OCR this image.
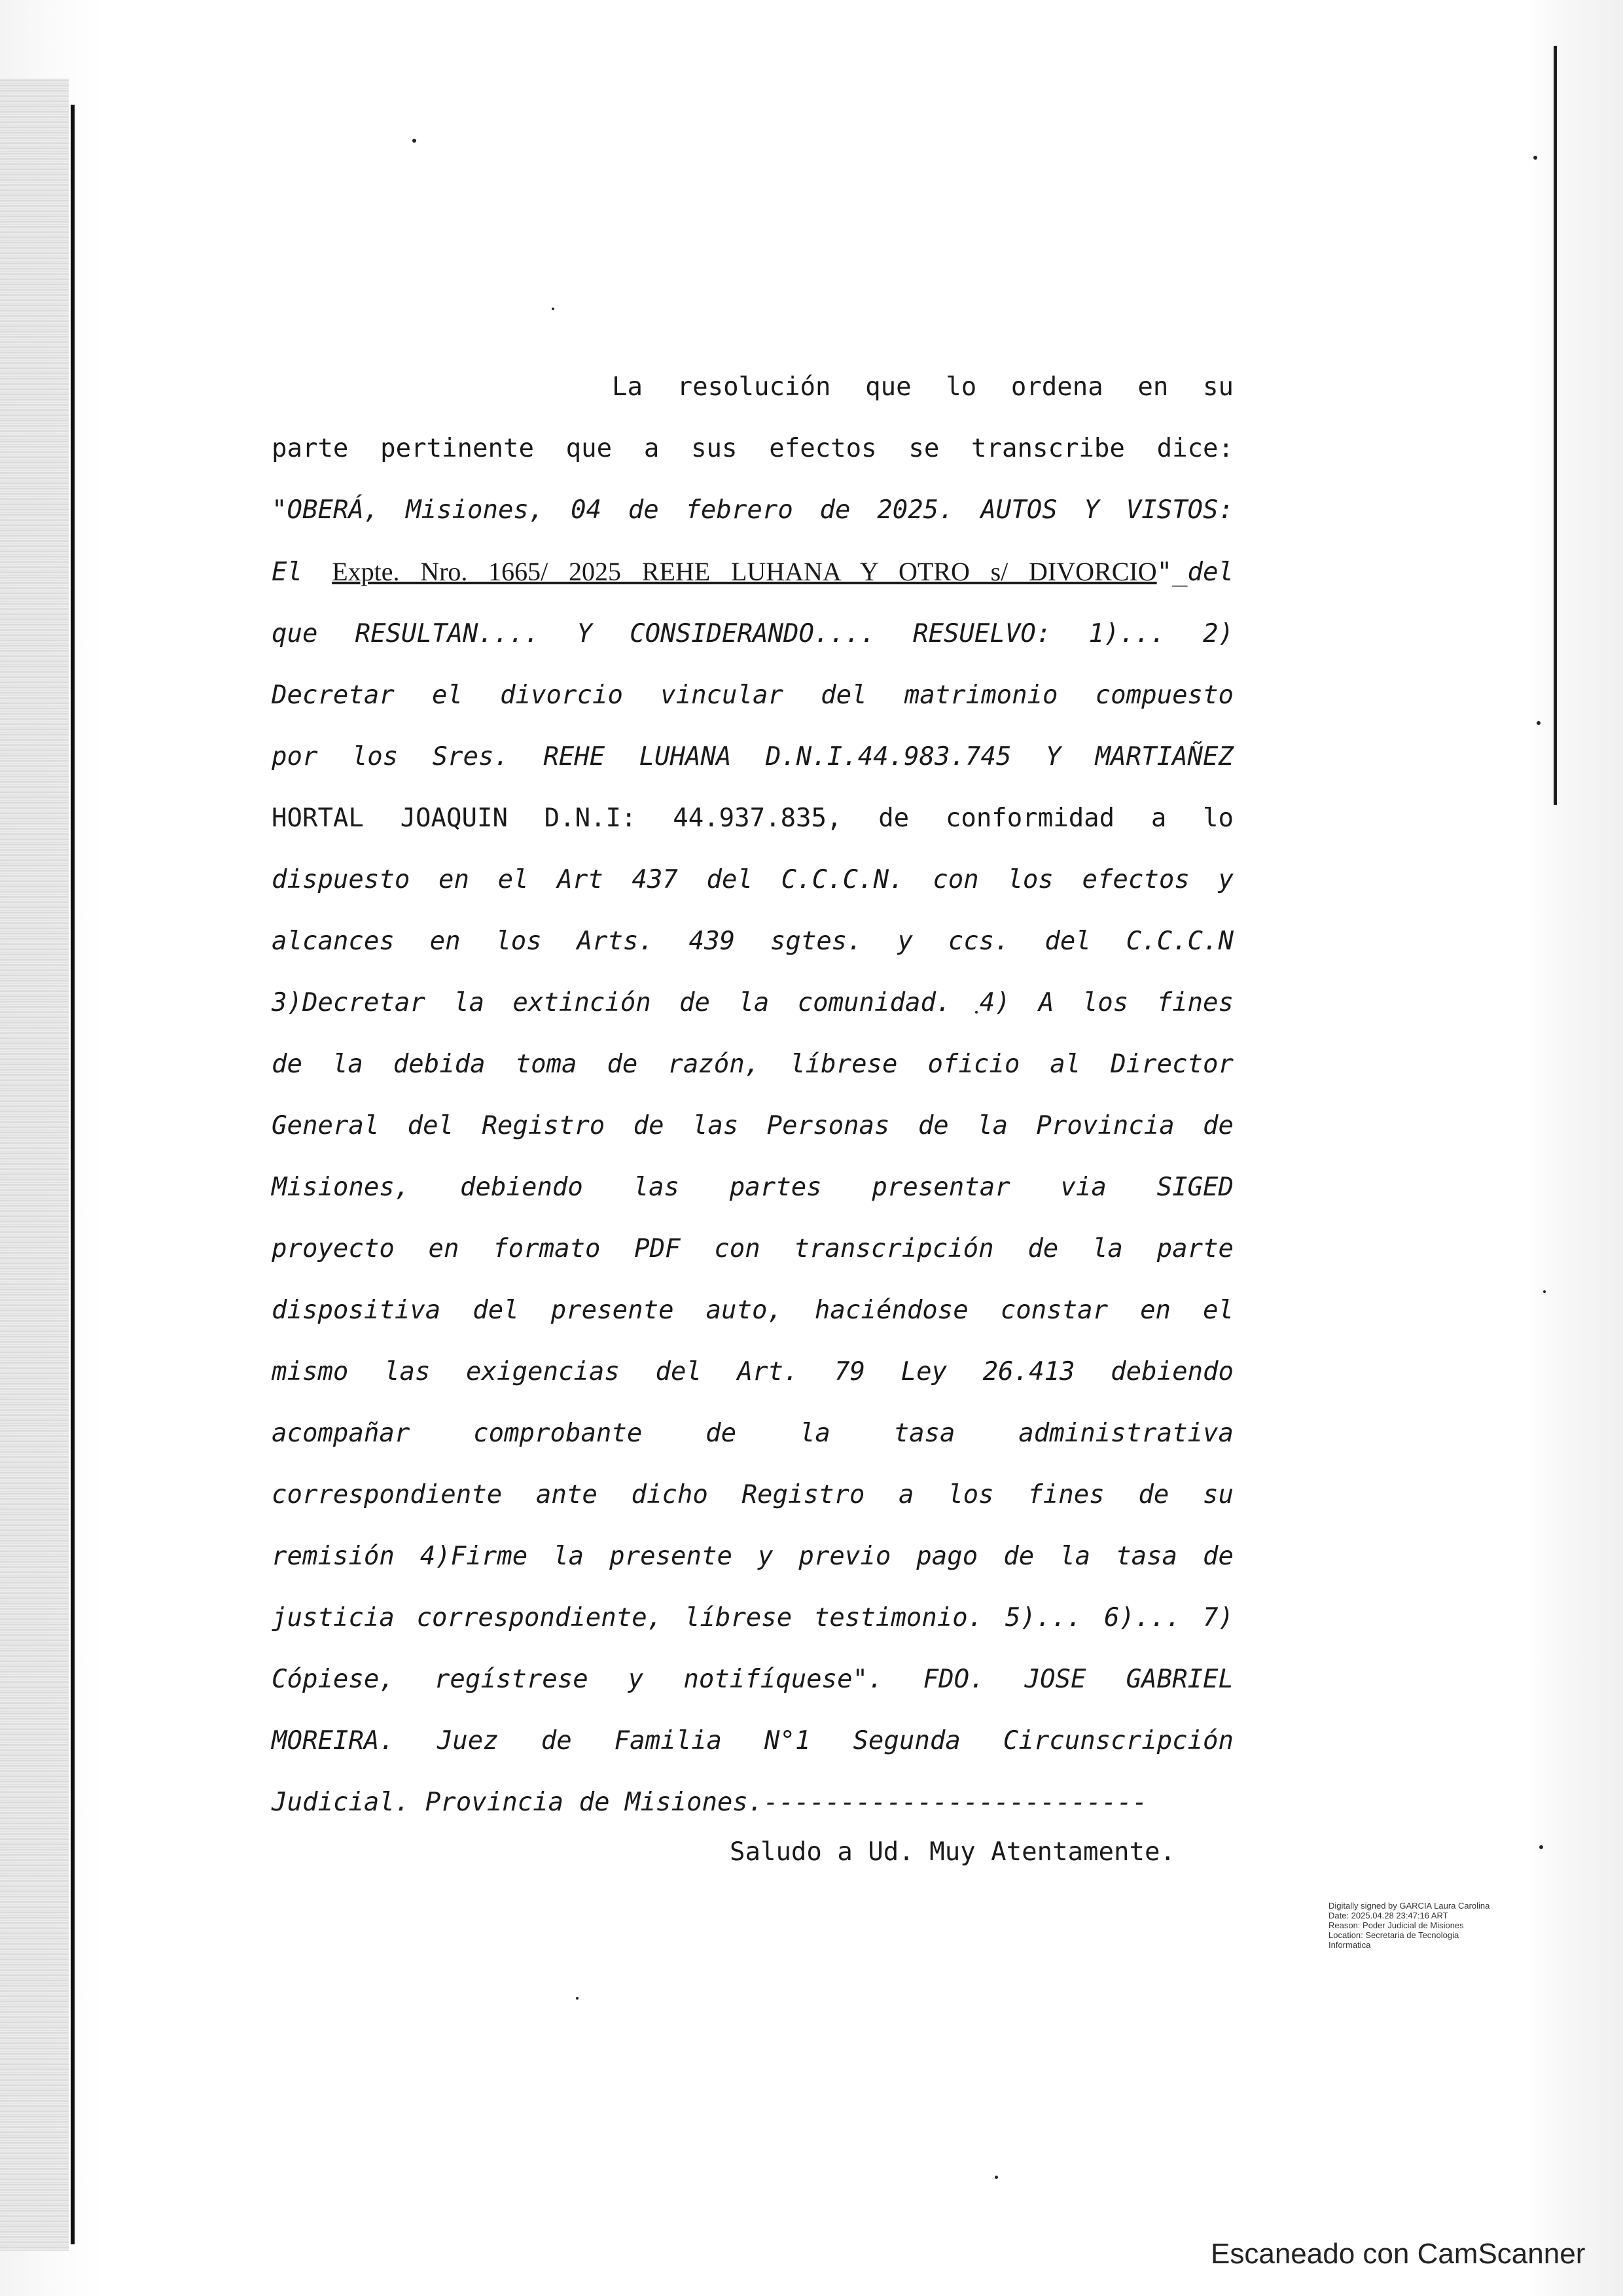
La resolución que lo ordena en su
parte pertinente que a sus efectos se transcribe dice:
"OBERÁ, Misiones, 04 de febrero de 2025. AUTOS Y VISTOS:
El Expte. Nro. 1665/ 2025 REHE LUHANA Y OTRO s/ DIVORCIO"_del
que RESULTAN.... Y CONSIDERANDO.... RESUELVO: 1)... 2)
Decretar el divorcio vincular del matrimonio compuesto
por los Sres. REHE LUHANA D.N.I.44.983.745 Y MARTIAÑEZ
HORTAL JOAQUIN D.N.I: 44.937.835, de conformidad a lo
dispuesto en el Art 437 del C.C.C.N. con los efectos y
alcances en los Arts. 439 sgtes. y ccs. del C.C.C.N
3)Decretar la extinción de la comunidad. 4) A los fines
de la debida toma de razón, líbrese oficio al Director
General del Registro de las Personas de la Provincia de
Misiones, debiendo las partes presentar via SIGED
proyecto en formato PDF con transcripción de la parte
dispositiva del presente auto, haciéndose constar en el
mismo las exigencias del Art. 79 Ley 26.413 debiendo
acompañar comprobante de la tasa administrativa
correspondiente ante dicho Registro a los fines de su
remisión 4)Firme la presente y previo pago de la tasa de
justicia correspondiente, líbrese testimonio. 5)... 6)... 7)
Cópiese, regístrese y notifíquese". FDO. JOSE GABRIEL
MOREIRA. Juez de Familia N°1 Segunda Circunscripción
Judicial. Provincia de Misiones.-------------------------
Saludo a Ud. Muy Atentamente.
Digitally signed by GARCIA Laura Carolina
Date: 2025.04.28 23:47:16 ART
Reason: Poder Judicial de Misiones
Location: Secretaria de Tecnologia
Informatica
Escaneado con CamScanner
